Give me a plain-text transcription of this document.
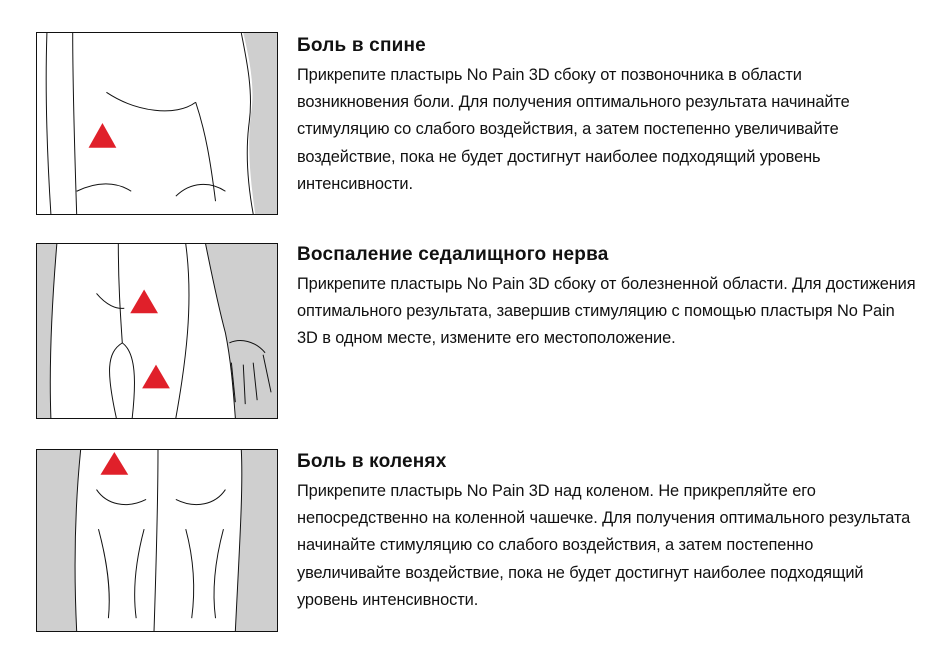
Боль в спине

Прикрепите пластырь No Pain 3D сбоку от позвоночника в области возникновения боли. Для получения оптимального результата начинайте стимуляцию со слабого воздействия, а затем постепенно увеличивайте воздействие, пока не будет достигнут наиболее подходящий уровень интенсивности.

Воспаление седалищного нерва

Прикрепите пластырь No Pain 3D сбоку от болезненной области. Для достижения оптимального результата, завершив стимуляцию с помощью пластыря No Pain 3D в одном месте, измените его местоположение.

Боль в коленях

Прикрепите пластырь No Pain 3D над коленом. Не прикрепляйте его непосредственно на коленной чашечке. Для получения оптимального результата начинайте стимуляцию со слабого воздействия, а затем постепенно увеличивайте воздействие, пока не будет достигнут наиболее подходящий уровень интенсивности.
